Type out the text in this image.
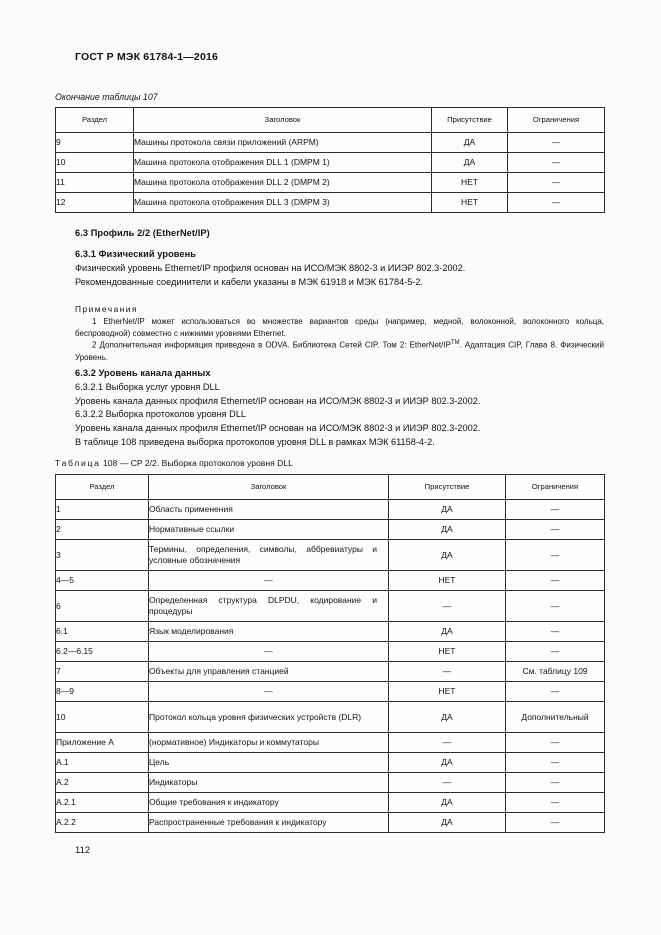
ГОСТ Р МЭК 61784-1—2016
Окончание таблицы 107
Раздел	Заголовок	Присутствие	Ограничения
9	Машины протокола связи приложений (ARPM)	ДА	—
10	Машина протокола отображения DLL 1 (DMPM 1)	ДА	—
11	Машина протокола отображения DLL 2 (DMPM 2)	НЕТ	—
12	Машина протокола отображения DLL 3 (DMPM 3)	НЕТ	—

6.3 Профиль 2/2 (EtherNet/IP)

6.3.1 Физический уровень

Физический уровень Ethernet/IP профиля основан на ИСО/МЭК 8802-3 и ИИЭР 802.3-2002.

Рекомендованные соединители и кабели указаны в МЭК 61918 и МЭК 61784-5-2.

Примечания

1 EtherNet/IP может использоваться во множестве вариантов среды (например, медной, волоконной, волоконного кольца, беспроводной) совместно с нижними уровнями Ethernet.

2 Дополнительная информация приведена в ODVA. Библиотека Сетей CIP. Том 2: EtherNet/IP™. Адаптация CIP, Глава 8. Физический Уровень.

6.3.2 Уровень канала данных

6.3.2.1 Выборка услуг уровня DLL

Уровень канала данных профиля Ethernet/IP основан на ИСО/МЭК 8802-3 и ИИЭР 802.3-2002.

6.3.2.2 Выборка протоколов уровня DLL

Уровень канала данных профиля Ethernet/IP основан на ИСО/МЭК 8802-3 и ИИЭР 802.3-2002.

В таблице 108 приведена выборка протоколов уровня DLL в рамках МЭК 61158-4-2.

Таблица 108 — CP 2/2. Выборка протоколов уровня DLL
Раздел	Заголовок	Присутствие	Ограничения
1	Область применения	ДА	—
2	Нормативные ссылки	ДА	—
3	Термины, определения, символы, аббревиатуры и условные обозначения	ДА	—
4—5	—	НЕТ	—
6	Определенная структура DLPDU, кодирование и процедуры	—	—
6.1	Язык моделирования	ДА	—
6.2—6.15	—	НЕТ	—
7	Объекты для управления станцией	—	См. таблицу 109
8—9	—	НЕТ	—
10	Протокол кольца уровня физических устройств (DLR)	ДА	Дополнительный
Приложение А	(нормативное) Индикаторы и коммутаторы	—	—
А.1	Цель	ДА	—
А.2	Индикаторы	—	—
А.2.1	Общие требования к индикатору	ДА	—
А.2.2	Распространенные требования к индикатору	ДА	—
112
